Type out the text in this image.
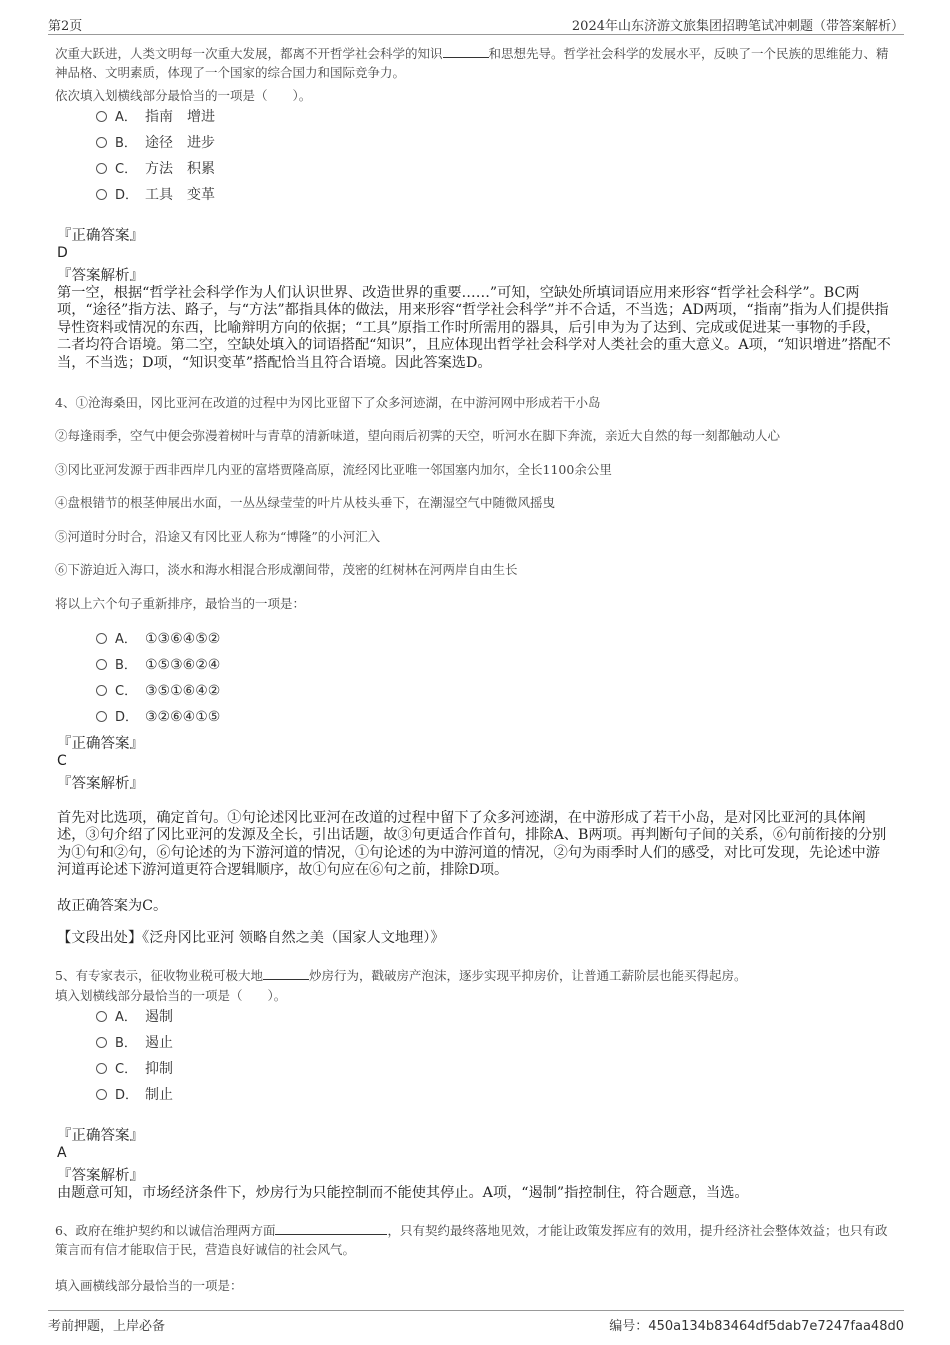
第2页	2024年山东济游文旅集团招聘笔试冲刺题（带答案解析）

次重大跃进，人类文明每一次重大发展，都离不开哲学社会科学的知识	和思想先导。哲学社会科学的发展水平，反映了一个民族的思维能力、精神品格、文明素质，体现了一个国家的综合国力和国际竞争力。

依次填入划横线部分最恰当的一项是（　　）。

A． 指南 增进
B． 途径 进步
C． 方法 积累
D． 工具 变革
『正确答案』
D
『答案解析』

第一空，根据“哲学社会科学作为人们认识世界、改造世界的重要……”可知，空缺处所填词语应用来形容“哲学社会科学”。BC两项，“途径”指方法、路子，与“方法”都指具体的做法，用来形容“哲学社会科学”并不合适，不当选；AD两项，“指南”指为人们提供指导性资料或情况的东西，比喻辩明方向的依据；“工具”原指工作时所需用的器具，后引申为为了达到、完成或促进某一事物的手段，二者均符合语境。第二空，空缺处填入的词语搭配“知识”，且应体现出哲学社会科学对人类社会的重大意义。A项，“知识增进”搭配不当，不当选；D项，“知识变革”搭配恰当且符合语境。因此答案选D。

4、①沧海桑田，冈比亚河在改道的过程中为冈比亚留下了众多河迹湖，在中游河网中形成若干小岛

②每逢雨季，空气中便会弥漫着树叶与青草的清新味道，望向雨后初霁的天空，听河水在脚下奔流，亲近大自然的每一刻都触动人心

③冈比亚河发源于西非西岸几内亚的富塔贾隆高原，流经冈比亚唯一邻国塞内加尔，全长1100余公里

④盘根错节的根茎伸展出水面，一丛丛绿莹莹的叶片从枝头垂下，在潮湿空气中随微风摇曳

⑤河道时分时合，沿途又有冈比亚人称为“博隆”的小河汇入

⑥下游迫近入海口，淡水和海水相混合形成潮间带，茂密的红树林在河两岸自由生长

将以上六个句子重新排序，最恰当的一项是：

A． ①③⑥④⑤②
B． ①⑤③⑥②④
C． ③⑤①⑥④②
D． ③②⑥④①⑤
『正确答案』
C
『答案解析』

首先对比选项，确定首句。①句论述冈比亚河在改道的过程中留下了众多河迹湖，在中游形成了若干小岛，是对冈比亚河的具体阐述，③句介绍了冈比亚河的发源及全长，引出话题，故③句更适合作首句，排除A、B两项。再判断句子间的关系，⑥句前衔接的分别为①句和②句，⑥句论述的为下游河道的情况，①句论述的为中游河道的情况，②句为雨季时人们的感受，对比可发现，先论述中游河道再论述下游河道更符合逻辑顺序，故①句应在⑥句之前，排除D项。

故正确答案为C。

【文段出处】《泛舟冈比亚河 领略自然之美（国家人文地理）》

5、有专家表示，征收物业税可极大地	炒房行为，戳破房产泡沫，逐步实现平抑房价，让普通工薪阶层也能买得起房。

填入划横线部分最恰当的一项是（　　）。

A． 遏制
B． 遏止
C． 抑制
D． 制止
『正确答案』
A
『答案解析』

由题意可知，市场经济条件下，炒房行为只能控制而不能使其停止。A项，“遏制”指控制住，符合题意，当选。

6、政府在维护契约和以诚信治理两方面	，只有契约最终落地见效，才能让政策发挥应有的效用，提升经济社会整体效益；也只有政策言而有信才能取信于民，营造良好诚信的社会风气。

填入画横线部分最恰当的一项是：

考前押题，上岸必备	编号：450a134b83464df5dab7e7247faa48d0
